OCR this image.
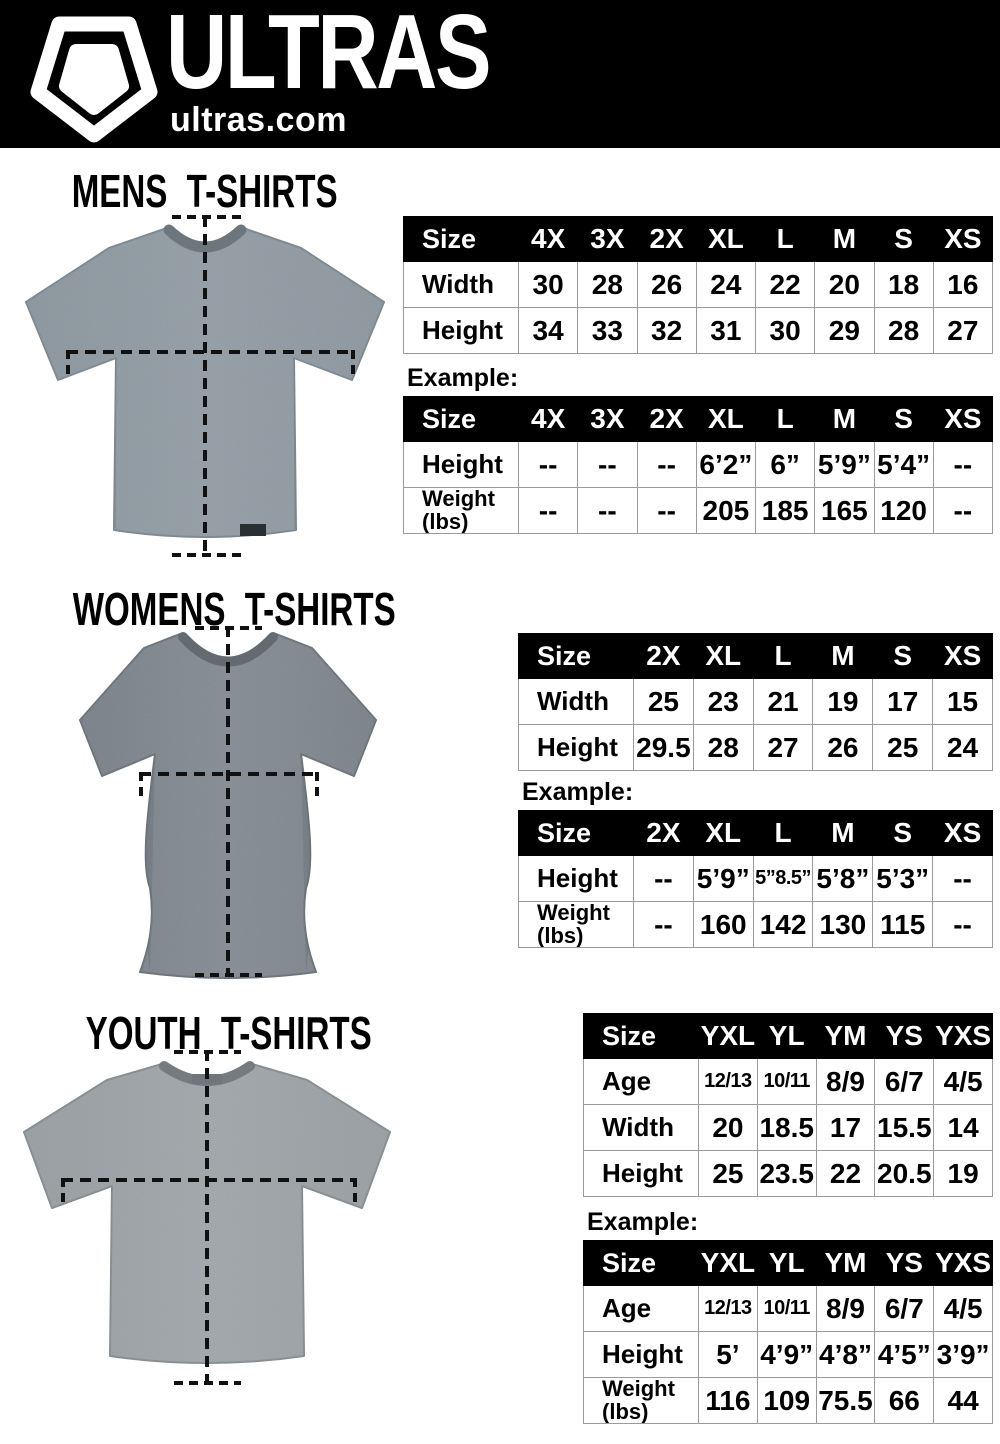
ULTRAS
ultras.com
MENS T-SHIRTS
WOMENS T-SHIRTS
YOUTH T-SHIRTS
Size	4X	3X	2X	XL	L	M	S	XS
Width	30	28	26	24	22	20	18	16
Height	34	33	32	31	30	29	28	27
Example:
Size	4X	3X	2X	XL	L	M	S	XS
Height	--	--	--	6’2”	6”	5’9”	5’4”	--
Weight (lbs)	--	--	--	205	185	165	120	--
Size	2X	XL	L	M	S	XS
Width	25	23	21	19	17	15
Height	29.5	28	27	26	25	24
Example:
Size	2X	XL	L	M	S	XS
Height	--	5’9”	5”8.5”	5’8”	5’3”	--
Weight (lbs)	--	160	142	130	115	--
Size	YXL	YL	YM	YS	YXS
Age	12/13	10/11	8/9	6/7	4/5
Width	20	18.5	17	15.5	14
Height	25	23.5	22	20.5	19
Example:
Size	YXL	YL	YM	YS	YXS
Age	12/13	10/11	8/9	6/7	4/5
Height	5’	4’9”	4’8”	4’5”	3’9”
Weight (lbs)	116	109	75.5	66	44
